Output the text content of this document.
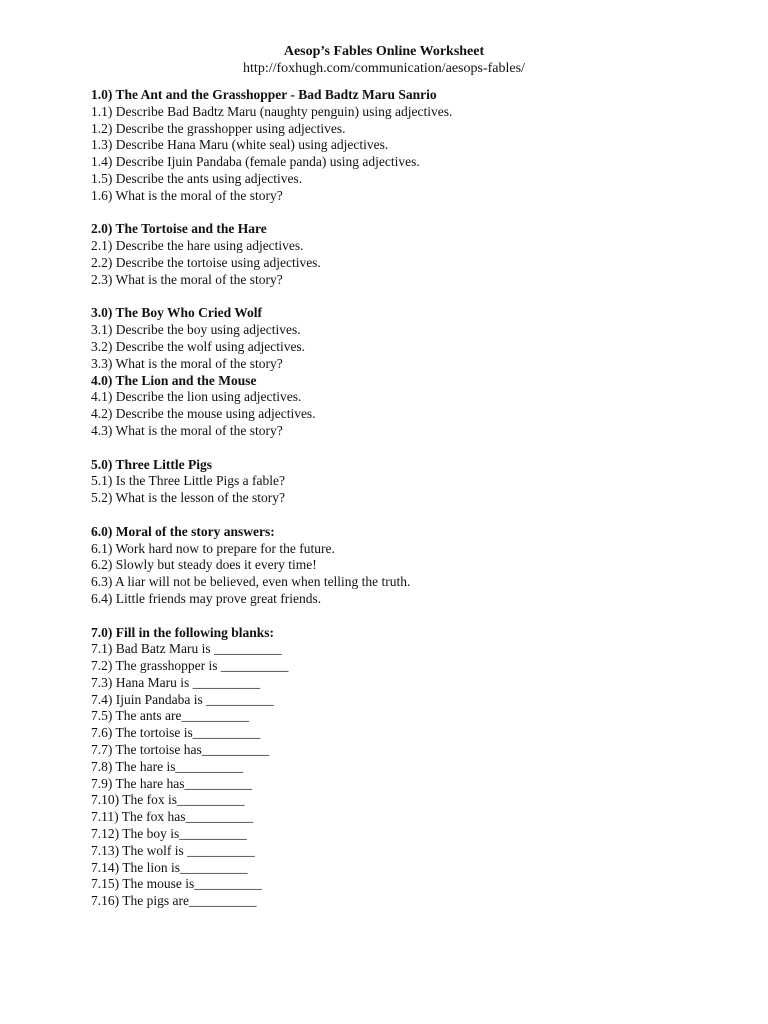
Aesop’s Fables Online Worksheet
http://foxhugh.com/communication/aesops-fables/
1.0) The Ant and the Grasshopper - Bad Badtz Maru Sanrio
1.1) Describe Bad Badtz Maru (naughty penguin) using adjectives.
1.2) Describe the grasshopper using adjectives.
1.3) Describe Hana Maru (white seal) using adjectives.
1.4) Describe Ijuin Pandaba (female panda) using adjectives.
1.5) Describe the ants using adjectives.
1.6) What is the moral of the story?
2.0) The Tortoise and the Hare
2.1) Describe the hare using adjectives.
2.2) Describe the tortoise using adjectives.
2.3) What is the moral of the story?
3.0) The Boy Who Cried Wolf
3.1) Describe the boy using adjectives.
3.2) Describe the wolf using adjectives.
3.3) What is the moral of the story?
4.0) The Lion and the Mouse
4.1) Describe the lion using adjectives.
4.2) Describe the mouse using adjectives.
4.3) What is the moral of the story?
5.0) Three Little Pigs
5.1) Is the Three Little Pigs a fable?
5.2) What is the lesson of the story?
6.0) Moral of the story answers:
6.1) Work hard now to prepare for the future.
6.2) Slowly but steady does it every time!
6.3) A liar will not be believed, even when telling the truth.
6.4) Little friends may prove great friends.
7.0) Fill in the following blanks:
7.1) Bad Batz Maru is __________
7.2) The grasshopper is __________
7.3) Hana Maru is __________
7.4) Ijuin Pandaba is __________
7.5) The ants are__________
7.6) The tortoise is__________
7.7) The tortoise has__________
7.8) The hare is__________
7.9) The hare has__________
7.10) The fox is__________
7.11) The fox has__________
7.12) The boy is__________
7.13) The wolf is __________
7.14) The lion is__________
7.15) The mouse is__________
7.16) The pigs are__________
